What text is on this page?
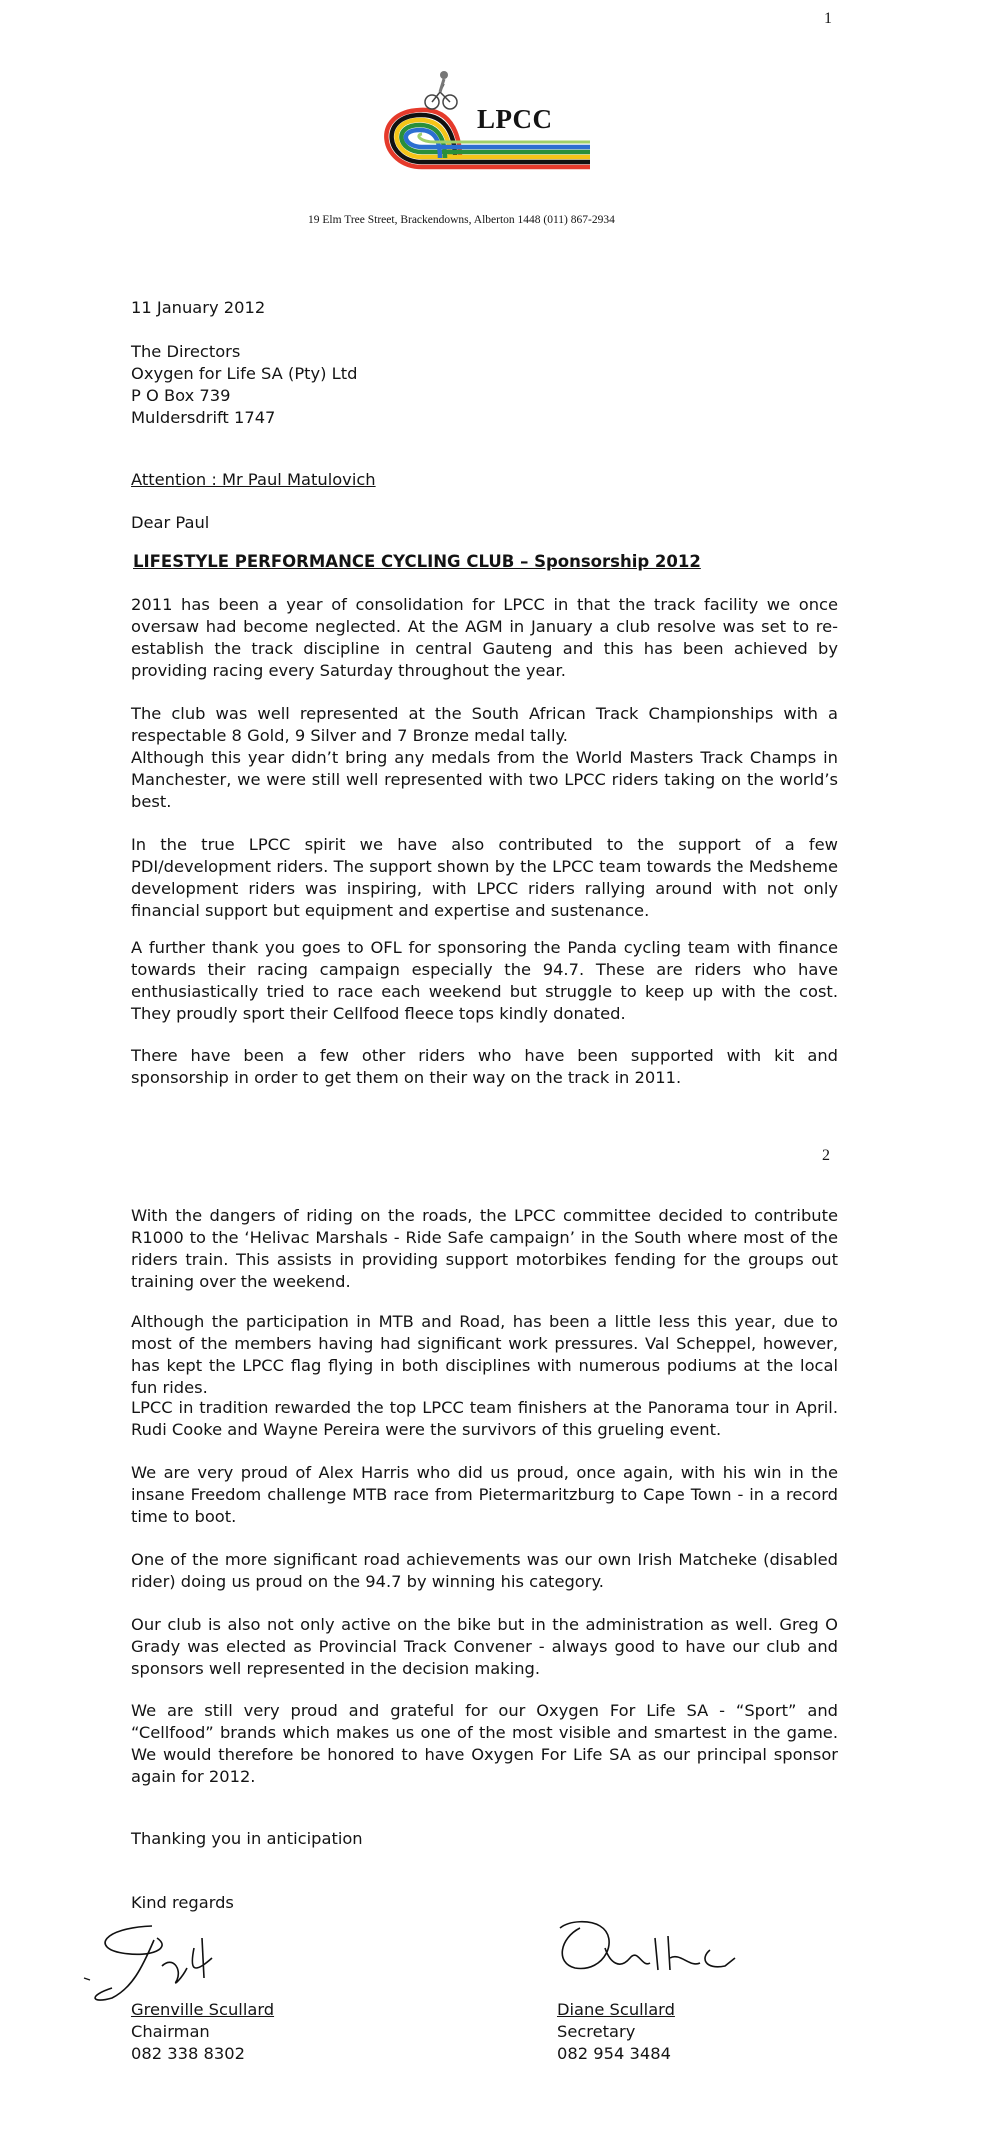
1
LPCC
19 Elm Tree Street, Brackendowns, Alberton 1448 (011) 867-2934
11 January 2012
The Directors
Oxygen for Life SA (Pty) Ltd
P O Box 739
Muldersdrift 1747
Attention : Mr Paul Matulovich
Dear Paul
LIFESTYLE PERFORMANCE CYCLING CLUB – Sponsorship 2012

2011 has been a year of consolidation for LPCC in that the track facility we once oversaw had become neglected. At the AGM in January a club resolve was set to re-establish the track discipline in central Gauteng and this has been achieved by providing racing every Saturday throughout the year.

The club was well represented at the South African Track Championships with a respectable 8 Gold, 9 Silver and 7 Bronze medal tally.

Although this year didn’t bring any medals from the World Masters Track Champs in Manchester, we were still well represented with two LPCC riders taking on the world’s best.

In the true LPCC spirit we have also contributed to the support of a few PDI/development riders. The support shown by the LPCC team towards the Medsheme development riders was inspiring, with LPCC riders rallying around with not only financial support but equipment and expertise and sustenance.

A further thank you goes to OFL for sponsoring the Panda cycling team with finance towards their racing campaign especially the 94.7. These are riders who have enthusiastically tried to race each weekend but struggle to keep up with the cost. They proudly sport their Cellfood fleece tops kindly donated.

There have been a few other riders who have been supported with kit and sponsorship in order to get them on their way on the track in 2011.

2

With the dangers of riding on the roads, the LPCC committee decided to contribute R1000 to the ‘Helivac Marshals - Ride Safe campaign’ in the South where most of the riders train. This assists in providing support motorbikes fending for the groups out training over the weekend.

Although the participation in MTB and Road, has been a little less this year, due to most of the members having had significant work pressures. Val Scheppel, however, has kept the LPCC flag flying in both disciplines with numerous podiums at the local fun rides.

LPCC in tradition rewarded the top LPCC team finishers at the Panorama tour in April. Rudi Cooke and Wayne Pereira were the survivors of this grueling event.

We are very proud of Alex Harris who did us proud, once again, with his win in the insane Freedom challenge MTB race from Pietermaritzburg to Cape Town - in a record time to boot.

One of the more significant road achievements was our own Irish Matcheke (disabled rider) doing us proud on the 94.7 by winning his category.

Our club is also not only active on the bike but in the administration as well. Greg O Grady was elected as Provincial Track Convener - always good to have our club and sponsors well represented in the decision making.

We are still very proud and grateful for our Oxygen For Life SA - “Sport” and “Cellfood” brands which makes us one of the most visible and smartest in the game. We would therefore be honored to have Oxygen For Life SA as our principal sponsor again for 2012.

Thanking you in anticipation
Kind regards
Grenville Scullard
Chairman
082 338 8302
Diane Scullard
Secretary
082 954 3484
